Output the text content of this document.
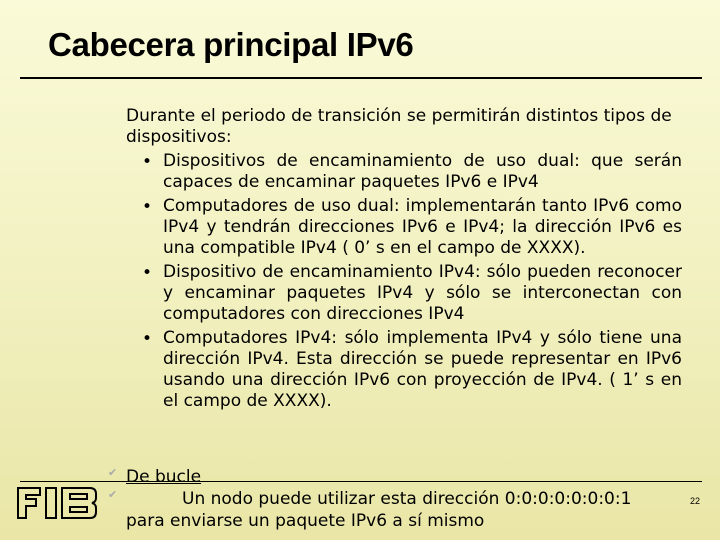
Cabecera principal IPv6

Durante el periodo de transición se permitirán distintos tipos de dispositivos:

• Dispositivos de encaminamiento de uso dual: que serán capaces de encaminar paquetes IPv6 e IPv4
• Computadores de uso dual: implementarán tanto IPv6 como IPv4 y tendrán direcciones IPv6 e IPv4; la dirección IPv6 es una compatible IPv4 ( 0’ s en el campo de XXXX).
• Dispositivo de encaminamiento IPv4: sólo pueden reconocer y encaminar paquetes IPv4 y sólo se interconectan con computadores con direcciones IPv4
• Computadores IPv4: sólo implementa IPv4 y sólo tiene una dirección IPv4. Esta dirección se puede representar en IPv6 usando una dirección IPv6 con proyección de IPv4. ( 1’ s en el campo de XXXX).
✔
✔
De bucle
Un nodo puede utilizar esta dirección 0:0:0:0:0:0:0:1
para enviarse un paquete IPv6 a sí mismo
22
